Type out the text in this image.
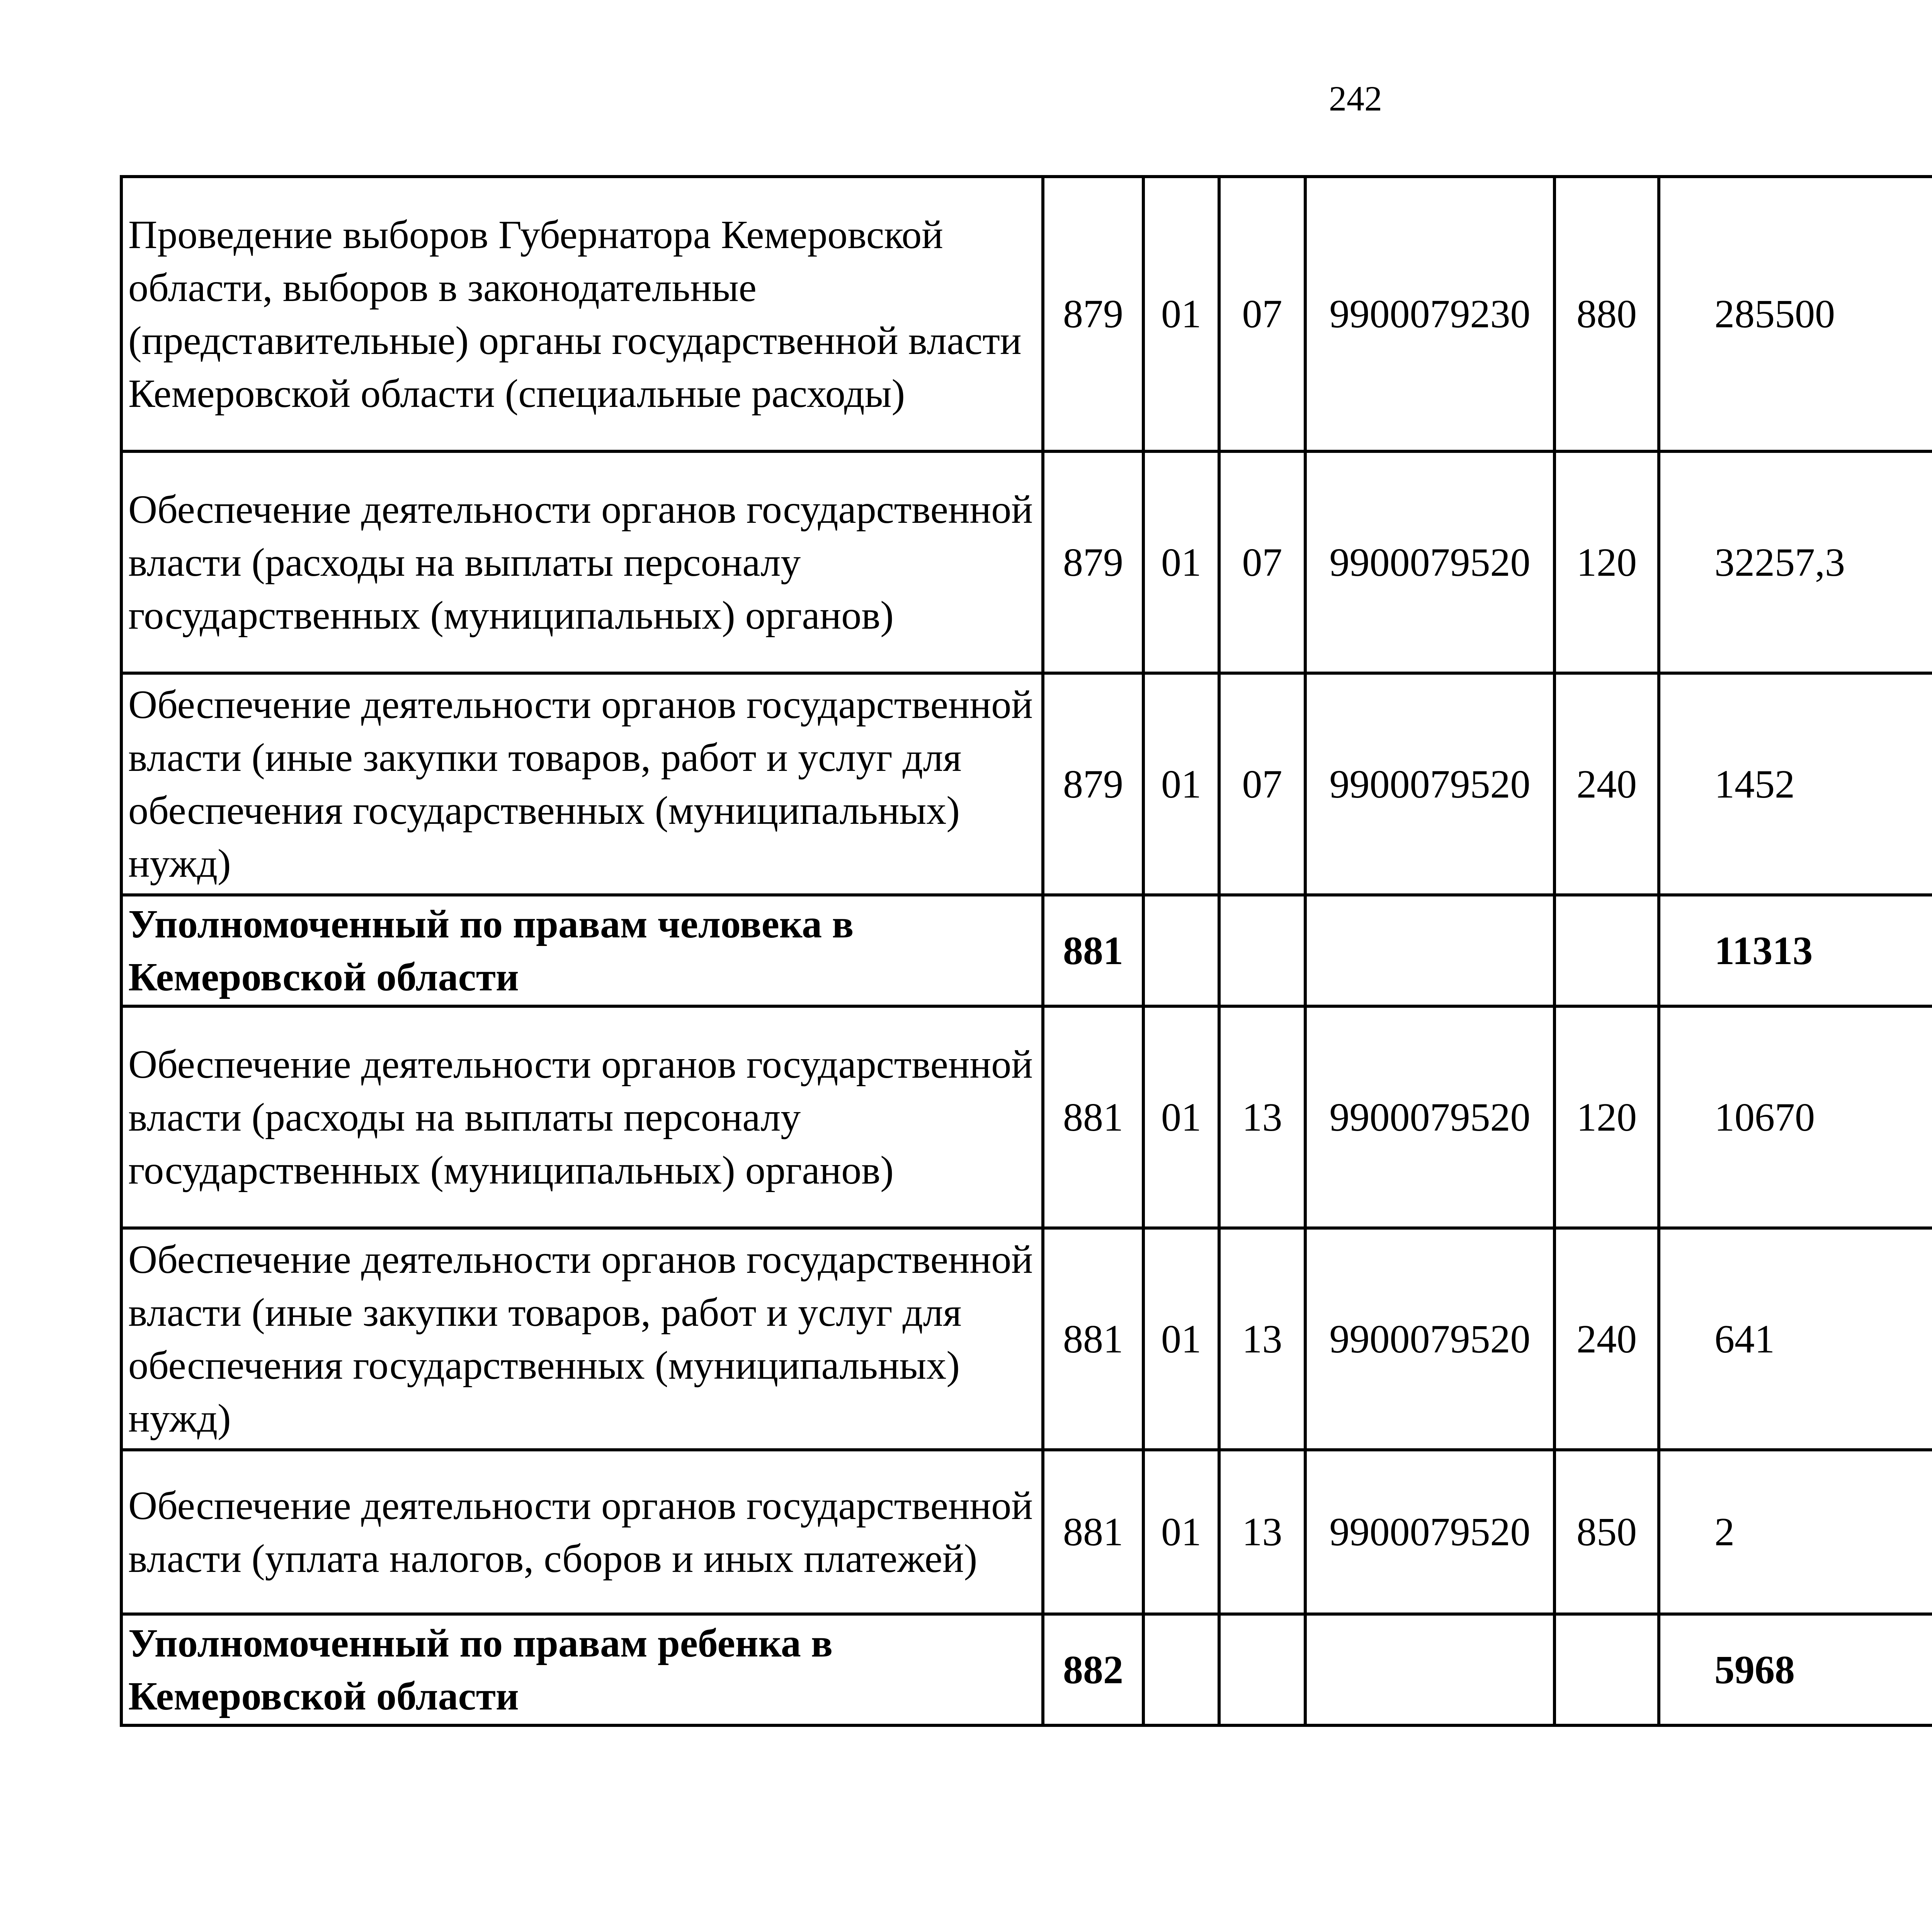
242
Проведение выборов Губернатора Кемеровской области, выборов в законодательные (представительные) органы государственной власти Кемеровской области (специальные расходы)	879	01	07	9900079230	880	285500		
Обеспечение деятельности органов государственной власти (расходы на выплаты персоналу государственных (муниципальных) органов)	879	01	07	9900079520	120	32257,3		
Обеспечение деятельности органов государственной власти (иные закупки товаров, работ и услуг для обеспечения государственных (муниципальных) нужд)	879	01	07	9900079520	240	1452		
Уполномоченный по правам человека в Кемеровской области	881					11313		
Обеспечение деятельности органов государственной власти (расходы на выплаты персоналу государственных (муниципальных) органов)	881	01	13	9900079520	120	10670		
Обеспечение деятельности органов государственной власти (иные закупки товаров, работ и услуг для обеспечения государственных (муниципальных) нужд)	881	01	13	9900079520	240	641		
Обеспечение деятельности органов государственной власти (уплата налогов, сборов и иных платежей)	881	01	13	9900079520	850	2		
Уполномоченный по правам ребенка в Кемеровской области	882					5968		
